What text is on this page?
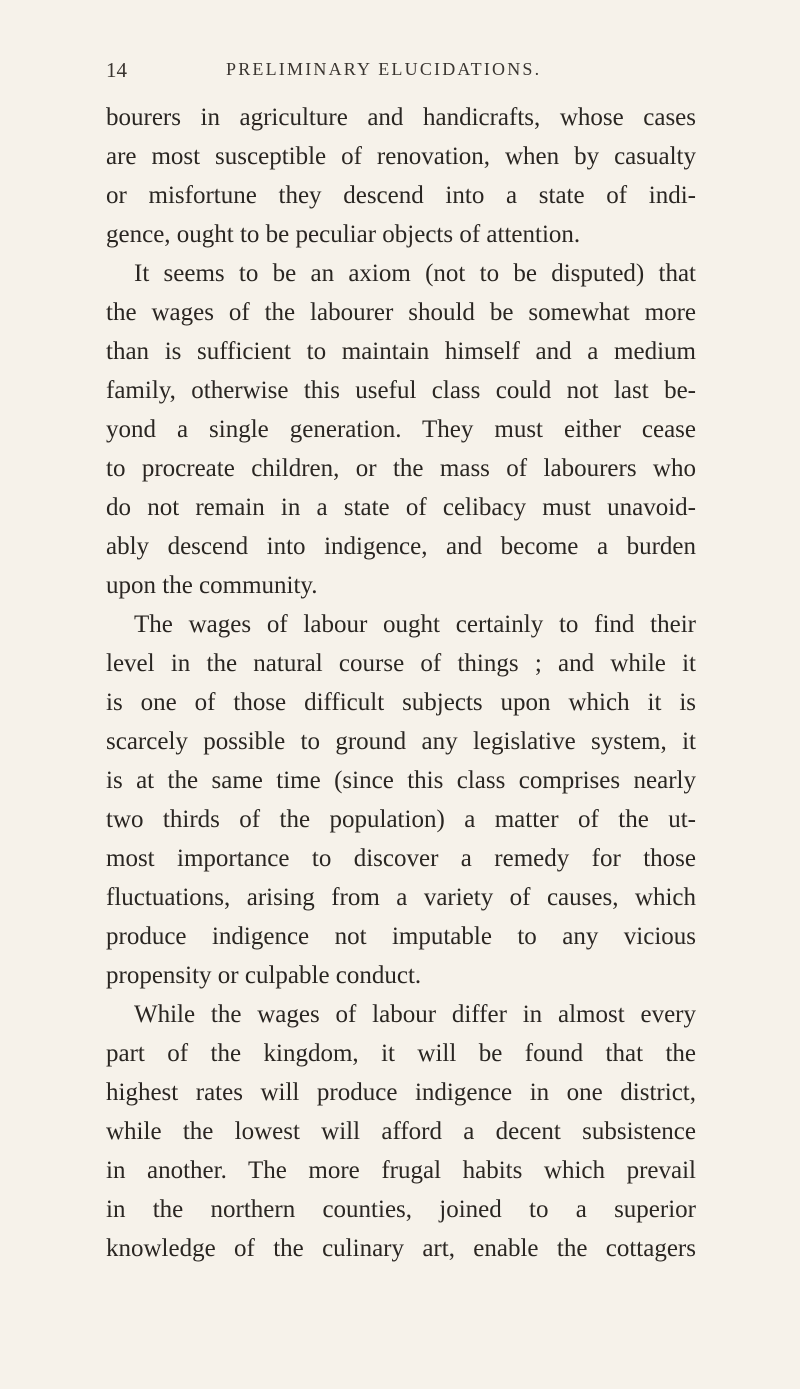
14	PRELIMINARY ELUCIDATIONS.
bourers in agriculture and handicrafts, whose cases
are most susceptible of renovation, when by casualty
or misfortune they descend into a state of indi-
gence, ought to be peculiar objects of attention.
It seems to be an axiom (not to be disputed) that
the wages of the labourer should be somewhat more
than is sufficient to maintain himself and a medium
family, otherwise this useful class could not last be-
yond a single generation. They must either cease
to procreate children, or the mass of labourers who
do not remain in a state of celibacy must unavoid-
ably descend into indigence, and become a burden
upon the community.
The wages of labour ought certainly to find their
level in the natural course of things ; and while it
is one of those difficult subjects upon which it is
scarcely possible to ground any legislative system, it
is at the same time (since this class comprises nearly
two thirds of the population) a matter of the ut-
most importance to discover a remedy for those
fluctuations, arising from a variety of causes, which
produce indigence not imputable to any vicious
propensity or culpable conduct.
While the wages of labour differ in almost every
part of the kingdom, it will be found that the
highest rates will produce indigence in one district,
while the lowest will afford a decent subsistence
in another. The more frugal habits which prevail
in the northern counties, joined to a superior
knowledge of the culinary art, enable the cottagers
